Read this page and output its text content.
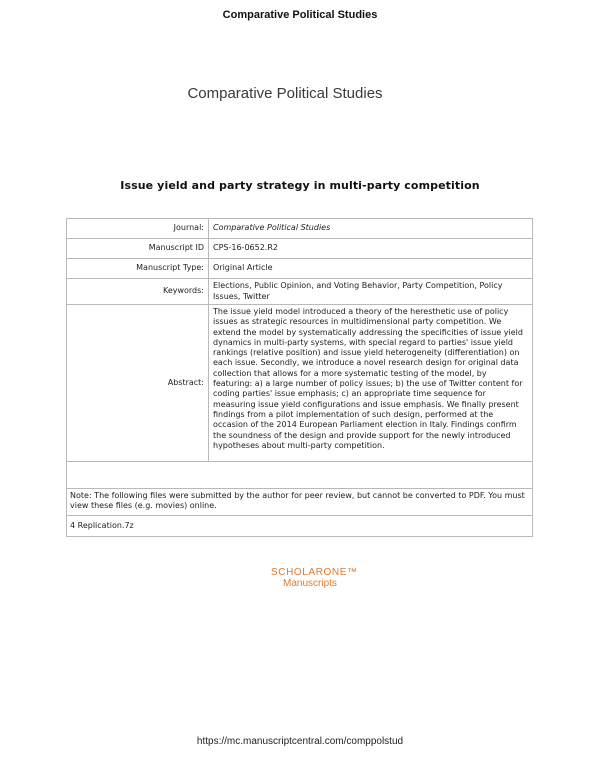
Comparative Political Studies
Comparative Political Studies
Issue yield and party strategy in multi-party competition
Journal:	Comparative Political Studies
Manuscript ID	CPS-16-0652.R2
Manuscript Type:	Original Article
Keywords:	Elections, Public Opinion, and Voting Behavior, Party Competition, Policy Issues, Twitter
Abstract:	The issue yield model introduced a theory of the heresthetic use of policy issues as strategic resources in multidimensional party competition. We extend the model by systematically addressing the specificities of issue yield dynamics in multi-party systems, with special regard to parties' issue yield rankings (relative position) and issue yield heterogeneity (differentiation) on each issue. Secondly, we introduce a novel research design for original data collection that allows for a more systematic testing of the model, by featuring: a) a large number of policy issues; b) the use of Twitter content for coding parties' issue emphasis; c) an appropriate time sequence for measuring issue yield configurations and issue emphasis. We finally present findings from a pilot implementation of such design, performed at the occasion of the 2014 European Parliament election in Italy. Findings confirm the soundness of the design and provide support for the newly introduced hypotheses about multi-party competition.

Note: The following files were submitted by the author for peer review, but cannot be converted to PDF. You must view these files (e.g. movies) online.	
4 Replication.7z	
SCHOLARONE™
Manuscripts
https://mc.manuscriptcentral.com/comppolstud
